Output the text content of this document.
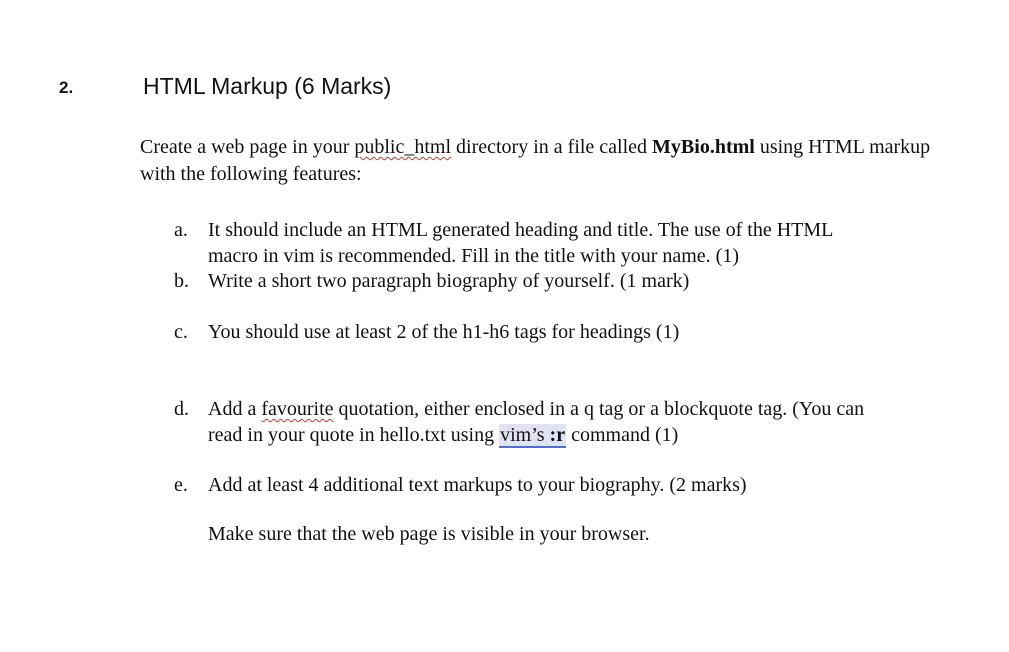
2.	HTML Markup (6 Marks)
Create a web page in your public_html directory in a file called MyBio.html using HTML markup with the following features:
a.	It should include an HTML generated heading and title. The use of the HTML
macro in vim is recommended. Fill in the title with your name. (1)
b. Write a short two paragraph biography of yourself. (1 mark)
c.	You should use at least 2 of the h1-h6 tags for headings (1)
d. Add a favourite quotation, either enclosed in a q tag or a blockquote tag. (You can
read in your quote in hello.txt using vim’s :r command (1)
e.	Add at least 4 additional text markups to your biography. (2 marks)
Make sure that the web page is visible in your browser.
